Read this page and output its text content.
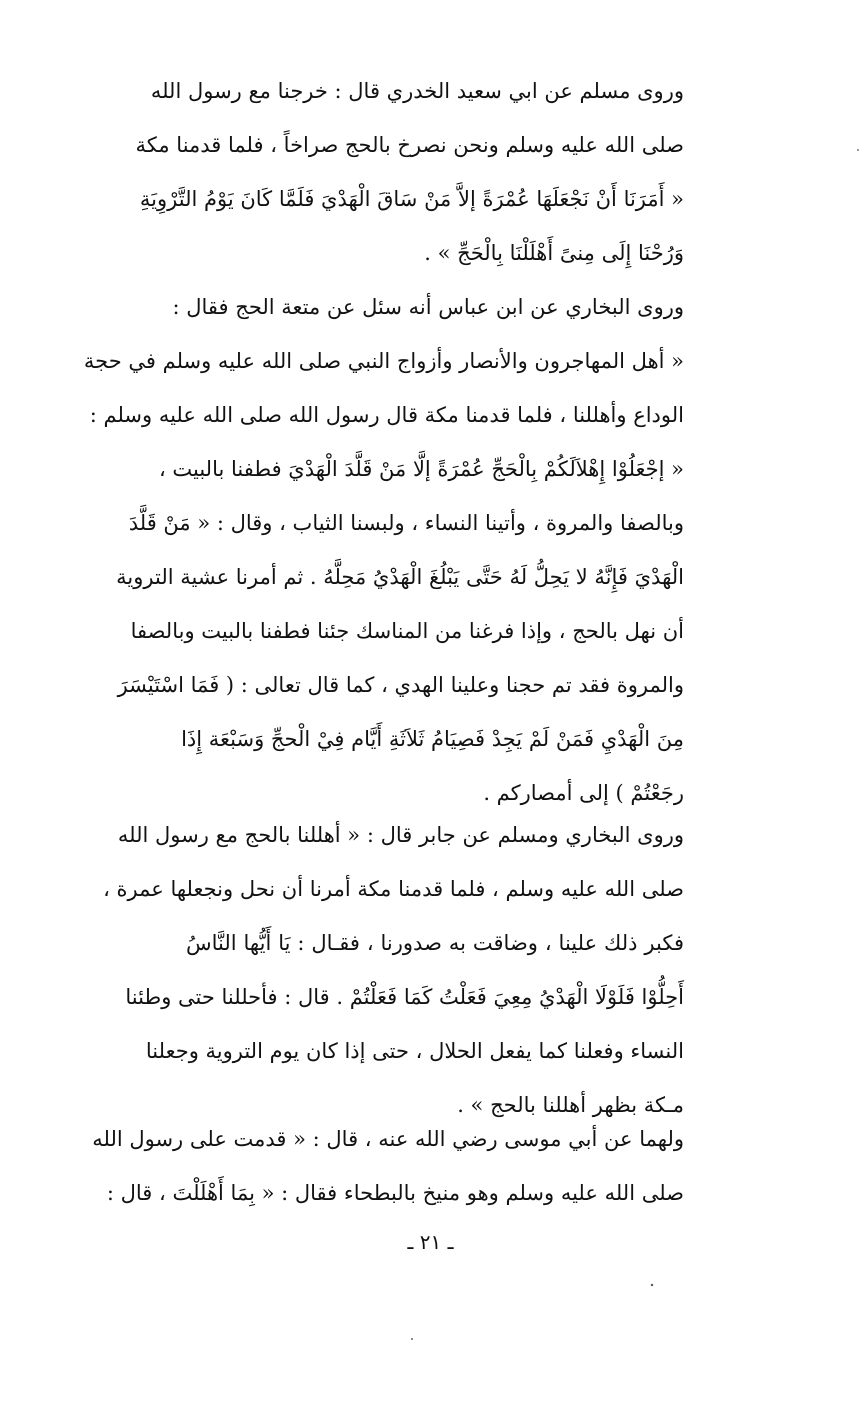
وروى مسلم عن ابي سعيد الخدري قال : خرجنا مع رسول الله
صلى الله عليه وسلم ونحن نصرخ بالحج صراخاً ، فلما قدمنا مكة
« أَمَرَنَا أَنْ نَجْعَلَهَا عُمْرَةً إلاَّ مَنْ سَاقَ الْهَدْيَ فَلَمَّا كَانَ يَوْمُ التَّرْوِيَةِ
وَرُحْنَا إِلَى مِنىً أَهْلَلْنَا بِالْحَجِّ » .
وروى البخاري عن ابن عباس أنه سئل عن متعة الحج فقال :
« أهل المهاجرون والأنصار وأزواج النبي صلى الله عليه وسلم في حجة
الوداع وأهللنا ، فلما قدمنا مكة قال رسول الله صلى الله عليه وسلم :
« إجْعَلُوْا إِهْلاَلَكُمْ بِالْحَجِّ عُمْرَةً إلَّا مَنْ قَلَّدَ الْهَدْيَ فطفنا بالبيت ،
وبالصفا والمروة ، وأتينا النساء ، ولبسنا الثياب ، وقال : « مَنْ قَلَّدَ
الْهَدْيَ فَإِنَّهُ لا يَحِلُّ لَهُ حَتَّى يَبْلُغَ الْهَدْيُ مَحِلَّهُ . ثم أمرنا عشية التروية
أن نهل بالحج ، وإذا فرغنا من المناسك جئنا فطفنا بالبيت وبالصفا
والمروة فقد تم حجنا وعلينا الهدي ، كما قال تعالى : ( فَمَا اسْتَيْسَرَ
مِنَ الْهَدْيِ فَمَنْ لَمْ يَجِدْ فَصِيَامُ ثَلاَثَةِ أَيَّام فِيْ الْحجِّ وَسَبْعَة إِذَا
رجَعْتُمْ ) إلى أمصاركم .
وروى البخاري ومسلم عن جابر قال : « أهللنا بالحج مع رسول الله
صلى الله عليه وسلم ، فلما قدمنا مكة أمرنا أن نحل ونجعلها عمرة ،
فكبر ذلك علينا ، وضاقت به صدورنا ، فقـال : يَا أَيُّها النَّاسُ
أَحِلُّوْا فَلَوْلَا الْهَدْيُ مِعِيَ فَعَلْتُ كَمَا فَعَلْتُمْ . قال : فأحللنا حتى وطئنا
النساء وفعلنا كما يفعل الحلال ، حتى إذا كان يوم التروية وجعلنا
مـكة بظهر أهللنا بالحج » .
ولهما عن أبي موسى رضي الله عنه ، قال : « قدمت على رسول الله
صلى الله عليه وسلم وهو منيخ بالبطحاء فقال : « بِمَا أَهْلَلْتَ ، قال :
ـ ٢١ ـ
